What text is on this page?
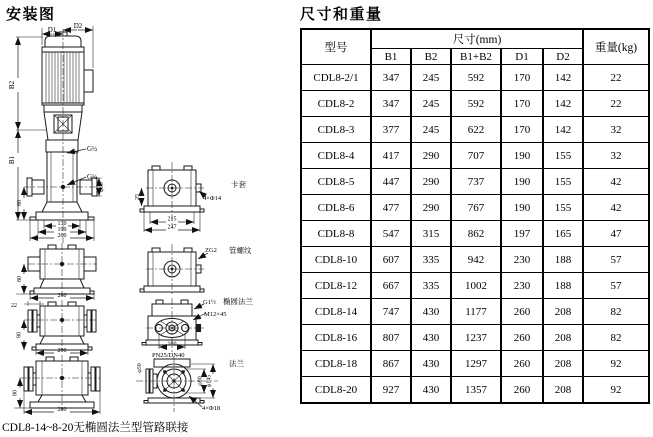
安装图	尺寸和重量
D1 D2
B2
B1
G½
G½
φ60
80
130
199
260
80
260
22
80
200
80
280
25	4×Φ14
卡套
215
247
ZG2 管螺纹
G1½ 椭圆法兰
M12×45
100
PN25/DN40
法兰
φ50
φ80 φ145
4×Φ18
CDL8-14~8-20无椭圆法兰型管路联接
型号	尺寸(mm)					重量(kg)
	B1	B2	B1+B2	D1	D2	
CDL8-2/1	347	245	592	170	142	22
CDL8-2	347	245	592	170	142	22
CDL8-3	377	245	622	170	142	32
CDL8-4	417	290	707	190	155	32
CDL8-5	447	290	737	190	155	42
CDL8-6	477	290	767	190	155	42
CDL8-8	547	315	862	197	165	47
CDL8-10	607	335	942	230	188	57
CDL8-12	667	335	1002	230	188	57
CDL8-14	747	430	1177	260	208	82
CDL8-16	807	430	1237	260	208	82
CDL8-18	867	430	1297	260	208	92
CDL8-20	927	430	1357	260	208	92
